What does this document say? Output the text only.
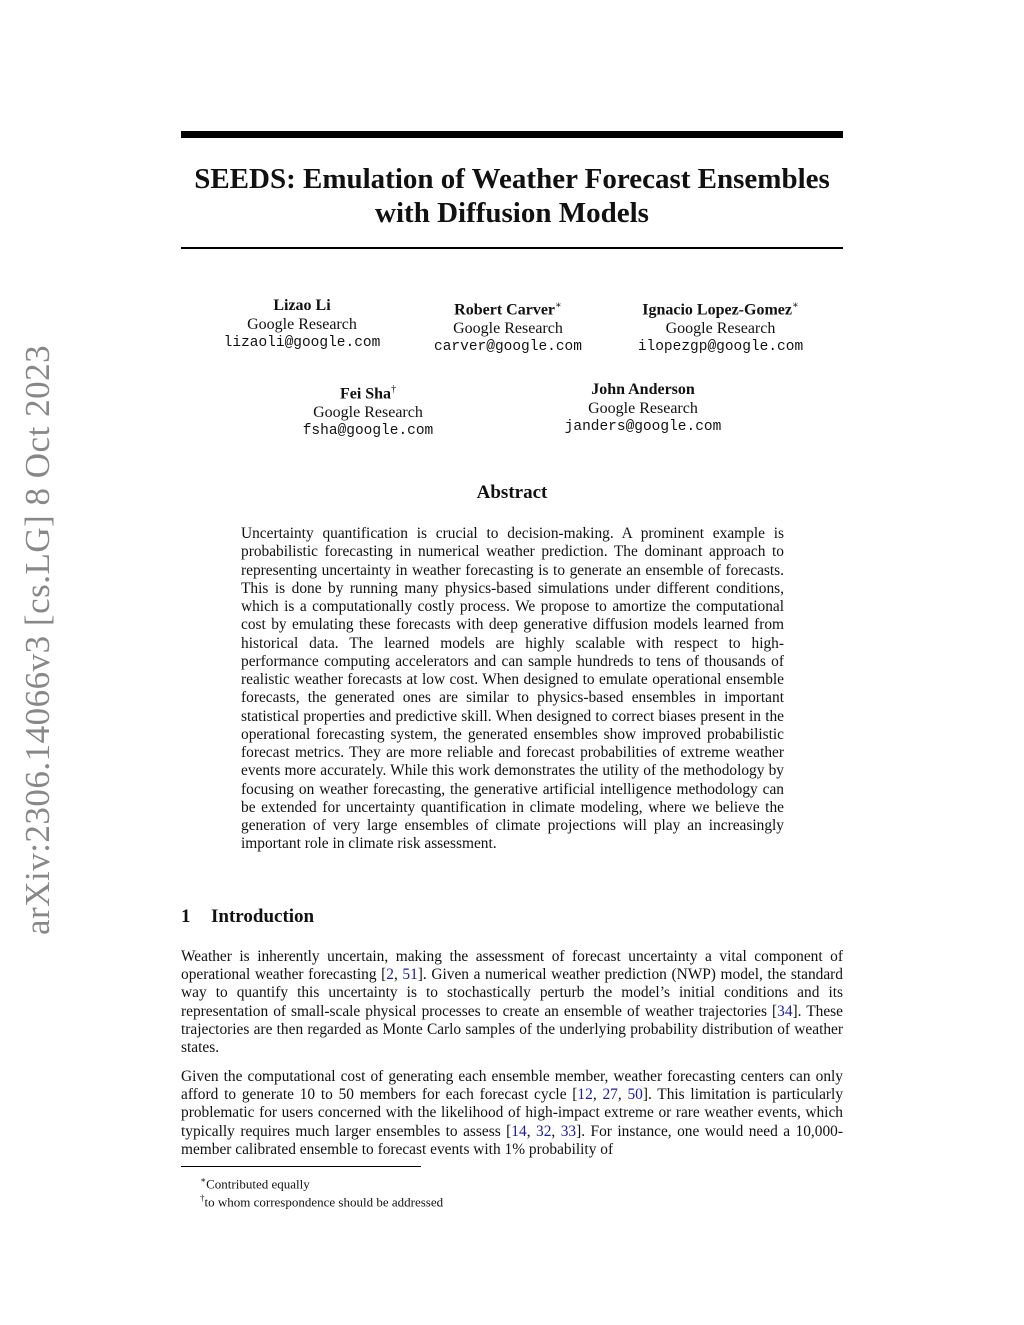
arXiv:2306.14066v3 [cs.LG] 8 Oct 2023
SEEDS: Emulation of Weather Forecast Ensembles
with Diffusion Models
Lizao Li
Google Research
lizaoli@google.com
Robert Carver∗
Google Research
carver@google.com
Ignacio Lopez-Gomez∗
Google Research
ilopezgp@google.com
Fei Sha†
Google Research
fsha@google.com
John Anderson
Google Research
janders@google.com
Abstract
Uncertainty quantification is crucial to decision-making. A prominent example is probabilistic forecasting in numerical weather prediction. The dominant approach to representing uncertainty in weather forecasting is to generate an ensemble of forecasts. This is done by running many physics-based simulations under different conditions, which is a computationally costly process. We propose to amortize the computational cost by emulating these forecasts with deep generative diffusion models learned from historical data. The learned models are highly scalable with respect to high-performance computing accelerators and can sample hundreds to tens of thousands of realistic weather forecasts at low cost. When designed to emulate operational ensemble forecasts, the generated ones are similar to physics-based ensembles in important statistical properties and predictive skill. When designed to correct biases present in the operational forecasting system, the generated ensembles show improved probabilistic forecast metrics. They are more reliable and forecast probabilities of extreme weather events more accurately. While this work demonstrates the utility of the methodology by focusing on weather forecasting, the generative artificial intelligence methodology can be extended for uncertainty quantification in climate modeling, where we believe the generation of very large ensembles of climate projections will play an increasingly important role in climate risk assessment.
1 Introduction
Weather is inherently uncertain, making the assessment of forecast uncertainty a vital component of operational weather forecasting [2, 51]. Given a numerical weather prediction (NWP) model, the standard way to quantify this uncertainty is to stochastically perturb the model’s initial conditions and its representation of small-scale physical processes to create an ensemble of weather trajectories [34]. These trajectories are then regarded as Monte Carlo samples of the underlying probability distribution of weather states.
Given the computational cost of generating each ensemble member, weather forecasting centers can only afford to generate 10 to 50 members for each forecast cycle [12, 27, 50]. This limitation is particularly problematic for users concerned with the likelihood of high-impact extreme or rare weather events, which typically requires much larger ensembles to assess [14, 32, 33]. For instance, one would need a 10,000-member calibrated ensemble to forecast events with 1% probability of
∗Contributed equally
†to whom correspondence should be addressed
